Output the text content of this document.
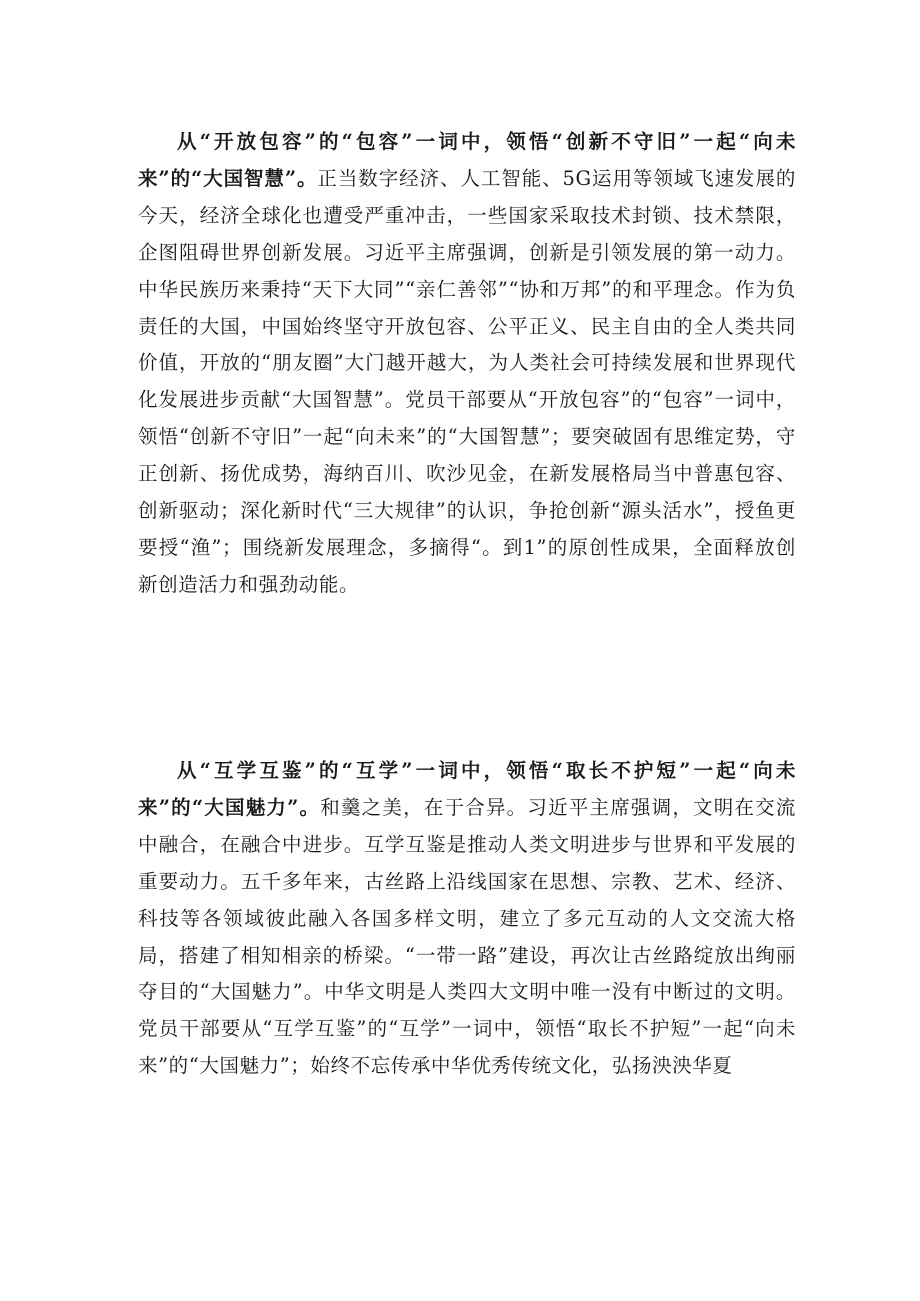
从“开放包容”的“包容”一词中，领悟“创新不守旧”一起“向未来”的“大国智慧”。正当数字经济、人工智能、5G运用等领域飞速发展的今天，经济全球化也遭受严重冲击，一些国家采取技术封锁、技术禁限，企图阻碍世界创新发展。习近平主席强调，创新是引领发展的第一动力。中华民族历来秉持“天下大同”“亲仁善邻”“协和万邦”的和平理念。作为负责任的大国，中国始终坚守开放包容、公平正义、民主自由的全人类共同价值，开放的“朋友圈”大门越开越大，为人类社会可持续发展和世界现代化发展进步贡献“大国智慧”。党员干部要从“开放包容”的“包容”一词中，领悟“创新不守旧”一起“向未来”的“大国智慧”；要突破固有思维定势，守正创新、扬优成势，海纳百川、吹沙见金，在新发展格局当中普惠包容、创新驱动；深化新时代“三大规律”的认识，争抢创新“源头活水”，授鱼更要授“渔”；围绕新发展理念，多摘得“。到1”的原创性成果，全面释放创新创造活力和强劲动能。

从“互学互鉴”的“互学”一词中，领悟“取长不护短”一起“向未来”的“大国魅力”。和羹之美，在于合异。习近平主席强调，文明在交流中融合，在融合中进步。互学互鉴是推动人类文明进步与世界和平发展的重要动力。五千多年来，古丝路上沿线国家在思想、宗教、艺术、经济、科技等各领域彼此融入各国多样文明，建立了多元互动的人文交流大格局，搭建了相知相亲的桥梁。“一带一路”建设，再次让古丝路绽放出绚丽夺目的“大国魅力”。中华文明是人类四大文明中唯一没有中断过的文明。党员干部要从“互学互鉴”的“互学”一词中，领悟“取长不护短”一起“向未来”的“大国魅力”；始终不忘传承中华优秀传统文化，弘扬泱泱华夏
